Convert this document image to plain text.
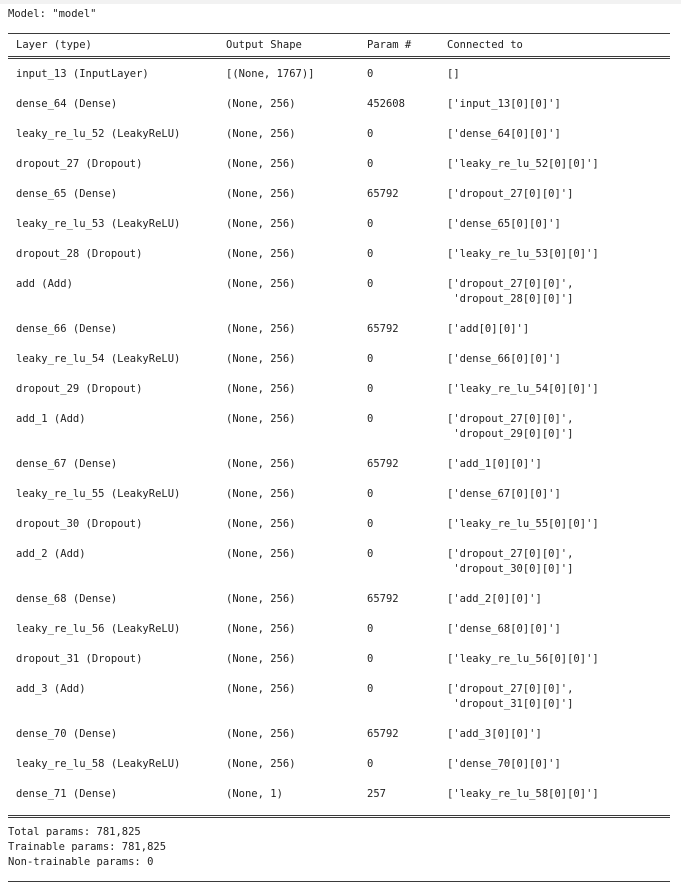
Model: "model"
Layer (type)	Output Shape	Param #	Connected to
input_13 (InputLayer)	[(None, 1767)]	0	[]
dense_64 (Dense)	(None, 256)	452608	['input_13[0][0]']
leaky_re_lu_52 (LeakyReLU)	(None, 256)	0	['dense_64[0][0]']
dropout_27 (Dropout)	(None, 256)	0	['leaky_re_lu_52[0][0]']
dense_65 (Dense)	(None, 256)	65792	['dropout_27[0][0]']
leaky_re_lu_53 (LeakyReLU)	(None, 256)	0	['dense_65[0][0]']
dropout_28 (Dropout)	(None, 256)	0	['leaky_re_lu_53[0][0]']
add (Add)	(None, 256)	0	['dropout_27[0][0]',
'dropout_28[0][0]']
dense_66 (Dense)	(None, 256)	65792	['add[0][0]']
leaky_re_lu_54 (LeakyReLU)	(None, 256)	0	['dense_66[0][0]']
dropout_29 (Dropout)	(None, 256)	0	['leaky_re_lu_54[0][0]']
add_1 (Add)	(None, 256)	0	['dropout_27[0][0]',
'dropout_29[0][0]']
dense_67 (Dense)	(None, 256)	65792	['add_1[0][0]']
leaky_re_lu_55 (LeakyReLU)	(None, 256)	0	['dense_67[0][0]']
dropout_30 (Dropout)	(None, 256)	0	['leaky_re_lu_55[0][0]']
add_2 (Add)	(None, 256)	0	['dropout_27[0][0]',
'dropout_30[0][0]']
dense_68 (Dense)	(None, 256)	65792	['add_2[0][0]']
leaky_re_lu_56 (LeakyReLU)	(None, 256)	0	['dense_68[0][0]']
dropout_31 (Dropout)	(None, 256)	0	['leaky_re_lu_56[0][0]']
add_3 (Add)	(None, 256)	0	['dropout_27[0][0]',
'dropout_31[0][0]']
dense_70 (Dense)	(None, 256)	65792	['add_3[0][0]']
leaky_re_lu_58 (LeakyReLU)	(None, 256)	0	['dense_70[0][0]']
dense_71 (Dense)	(None, 1)	257	['leaky_re_lu_58[0][0]']
Total params: 781,825
Trainable params: 781,825
Non-trainable params: 0
